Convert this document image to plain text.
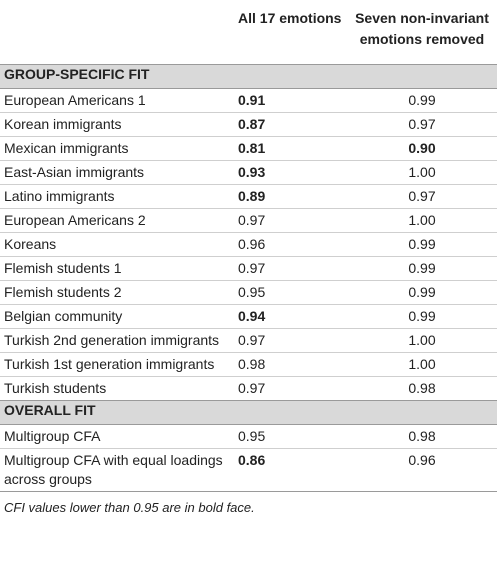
	All 17 emotions	Seven non-invariant emotions removed
GROUP-SPECIFIC FIT		
European Americans 1	0.91	0.99
Korean immigrants	0.87	0.97
Mexican immigrants	0.81	0.90
East-Asian immigrants	0.93	1.00
Latino immigrants	0.89	0.97
European Americans 2	0.97	1.00
Koreans	0.96	0.99
Flemish students 1	0.97	0.99
Flemish students 2	0.95	0.99
Belgian community	0.94	0.99
Turkish 2nd generation immigrants	0.97	1.00
Turkish 1st generation immigrants	0.98	1.00
Turkish students	0.97	0.98
OVERALL FIT		
Multigroup CFA	0.95	0.98
Multigroup CFA with equal loadings across groups	0.86	0.96
CFI values lower than 0.95 are in bold face.
